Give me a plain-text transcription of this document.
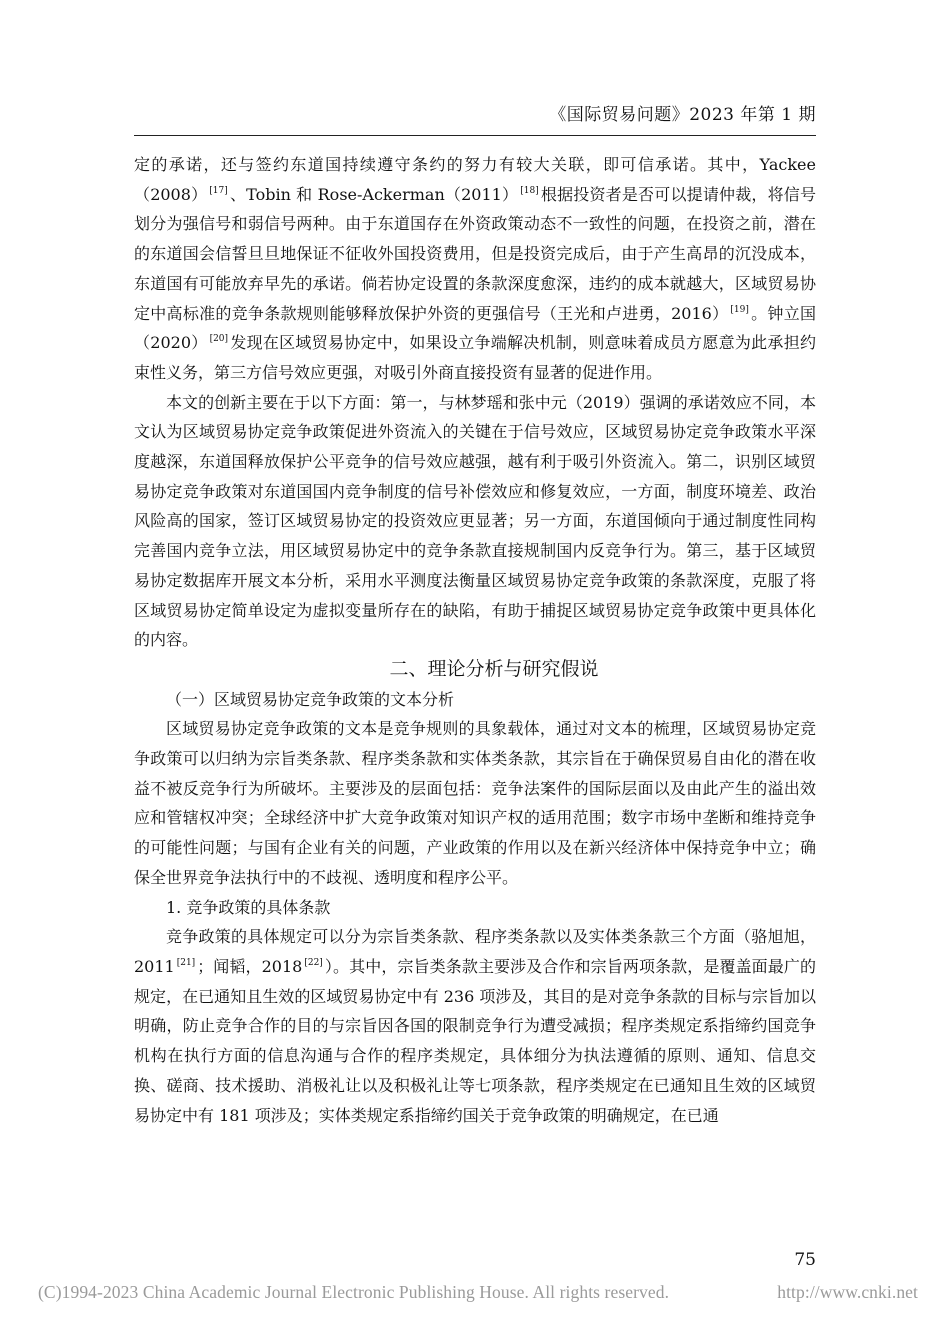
《国际贸易问题》2023 年第 1 期

定的承诺，还与签约东道国持续遵守条约的努力有较大关联，即可信承诺。其中，Yackee（2008） [17] 、Tobin 和 Rose-Ackerman（2011） [18] 根据投资者是否可以提请仲裁，将信号划分为强信号和弱信号两种。由于东道国存在外资政策动态不一致性的问题，在投资之前，潜在的东道国会信誓旦旦地保证不征收外国投资费用，但是投资完成后，由于产生高昂的沉没成本，东道国有可能放弃早先的承诺。倘若协定设置的条款深度愈深，违约的成本就越大，区域贸易协定中高标准的竞争条款规则能够释放保护外资的更强信号（王光和卢进勇，2016） [19] 。钟立国（2020） [20] 发现在区域贸易协定中，如果设立争端解决机制，则意味着成员方愿意为此承担约束性义务，第三方信号效应更强，对吸引外商直接投资有显著的促进作用。

本文的创新主要在于以下方面：第一，与林梦瑶和张中元（2019）强调的承诺效应不同，本文认为区域贸易协定竞争政策促进外资流入的关键在于信号效应，区域贸易协定竞争政策水平深度越深，东道国释放保护公平竞争的信号效应越强，越有利于吸引外资流入。第二，识别区域贸易协定竞争政策对东道国国内竞争制度的信号补偿效应和修复效应，一方面，制度环境差、政治风险高的国家，签订区域贸易协定的投资效应更显著；另一方面，东道国倾向于通过制度性同构完善国内竞争立法，用区域贸易协定中的竞争条款直接规制国内反竞争行为。第三，基于区域贸易协定数据库开展文本分析，采用水平测度法衡量区域贸易协定竞争政策的条款深度，克服了将区域贸易协定简单设定为虚拟变量所存在的缺陷，有助于捕捉区域贸易协定竞争政策中更具体化的内容。

二、理论分析与研究假说

（一）区域贸易协定竞争政策的文本分析

区域贸易协定竞争政策的文本是竞争规则的具象载体，通过对文本的梳理，区域贸易协定竞争政策可以归纳为宗旨类条款、程序类条款和实体类条款，其宗旨在于确保贸易自由化的潜在收益不被反竞争行为所破坏。主要涉及的层面包括：竞争法案件的国际层面以及由此产生的溢出效应和管辖权冲突；全球经济中扩大竞争政策对知识产权的适用范围；数字市场中垄断和维持竞争的可能性问题；与国有企业有关的问题，产业政策的作用以及在新兴经济体中保持竞争中立；确保全世界竞争法执行中的不歧视、透明度和程序公平。

1. 竞争政策的具体条款

竞争政策的具体规定可以分为宗旨类条款、程序类条款以及实体类条款三个方面（骆旭旭，2011 [21] ；闻韬，2018 [22] ）。其中，宗旨类条款主要涉及合作和宗旨两项条款，是覆盖面最广的规定，在已通知且生效的区域贸易协定中有 236 项涉及，其目的是对竞争条款的目标与宗旨加以明确，防止竞争合作的目的与宗旨因各国的限制竞争行为遭受减损；程序类规定系指缔约国竞争机构在执行方面的信息沟通与合作的程序类规定，具体细分为执法遵循的原则、通知、信息交换、磋商、技术援助、消极礼让以及积极礼让等七项条款，程序类规定在已通知且生效的区域贸易协定中有 181 项涉及；实体类规定系指缔约国关于竞争政策的明确规定，在已通

75
(C)1994-2023 China Academic Journal Electronic Publishing House. All rights reserved.	http://www.cnki.net
